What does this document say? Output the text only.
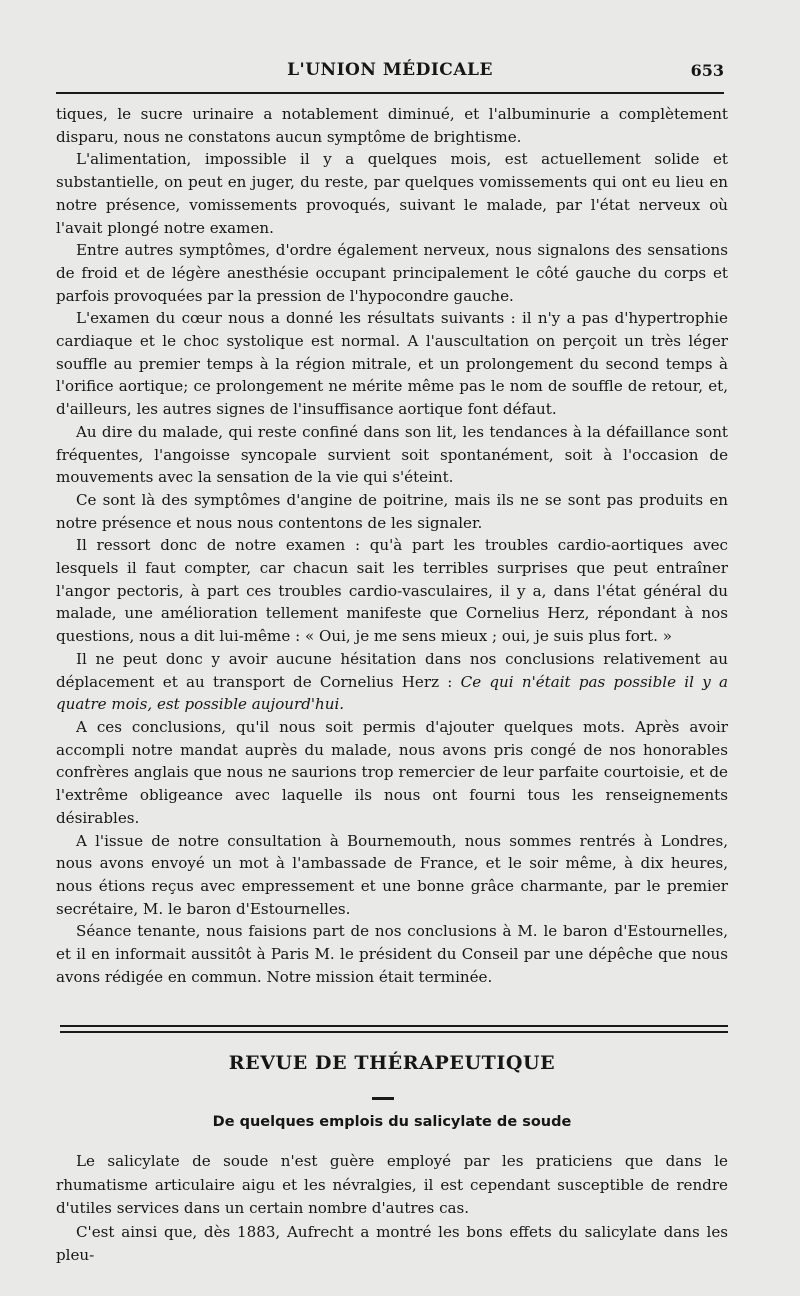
L'UNION MÉDICALE	653

tiques, le sucre urinaire a notablement diminué, et l'albuminurie a complètement disparu, nous ne constatons aucun symptôme de brightisme.

L'alimentation, impossible il y a quelques mois, est actuellement solide et substantielle, on peut en juger, du reste, par quelques vomissements qui ont eu lieu en notre présence, vomissements provoqués, suivant le malade, par l'état nerveux où l'avait plongé notre examen.

Entre autres symptômes, d'ordre également nerveux, nous signalons des sensations de froid et de légère anesthésie occupant principalement le côté gauche du corps et parfois provoquées par la pression de l'hypocondre gauche.

L'examen du cœur nous a donné les résultats suivants : il n'y a pas d'hypertrophie cardiaque et le choc systolique est normal. A l'auscultation on perçoit un très léger souffle au premier temps à la région mitrale, et un prolongement du second temps à l'orifice aortique; ce prolongement ne mérite même pas le nom de souffle de retour, et, d'ailleurs, les autres signes de l'insuffisance aortique font défaut.

Au dire du malade, qui reste confiné dans son lit, les tendances à la défaillance sont fréquentes, l'angoisse syncopale survient soit spontanément, soit à l'occasion de mouvements avec la sensation de la vie qui s'éteint.

Ce sont là des symptômes d'angine de poitrine, mais ils ne se sont pas produits en notre présence et nous nous contentons de les signaler.

Il ressort donc de notre examen : qu'à part les troubles cardio-aortiques avec lesquels il faut compter, car chacun sait les terribles surprises que peut entraîner l'angor pectoris, à part ces troubles cardio-vasculaires, il y a, dans l'état général du malade, une amélioration tellement manifeste que Cornelius Herz, répondant à nos questions, nous a dit lui-même : « Oui, je me sens mieux ; oui, je suis plus fort. »

Il ne peut donc y avoir aucune hésitation dans nos conclusions relativement au déplacement et au transport de Cornelius Herz : Ce qui n'était pas possible il y a quatre mois, est possible aujourd'hui.

A ces conclusions, qu'il nous soit permis d'ajouter quelques mots. Après avoir accompli notre mandat auprès du malade, nous avons pris congé de nos honorables confrères anglais que nous ne saurions trop remercier de leur parfaite courtoisie, et de l'extrême obligeance avec laquelle ils nous ont fourni tous les renseignements désirables.

A l'issue de notre consultation à Bournemouth, nous sommes rentrés à Londres, nous avons envoyé un mot à l'ambassade de France, et le soir même, à dix heures, nous étions reçus avec empressement et une bonne grâce charmante, par le premier secrétaire, M. le baron d'Estournelles.

Séance tenante, nous faisions part de nos conclusions à M. le baron d'Estournelles, et il en informait aussitôt à Paris M. le président du Conseil par une dépêche que nous avons rédigée en commun. Notre mission était terminée.

REVUE DE THÉRAPEUTIQUE
De quelques emplois du salicylate de soude

Le salicylate de soude n'est guère employé par les praticiens que dans le rhumatisme articulaire aigu et les névralgies, il est cependant susceptible de rendre d'utiles services dans un certain nombre d'autres cas.

C'est ainsi que, dès 1883, Aufrecht a montré les bons effets du salicylate dans les pleu-
